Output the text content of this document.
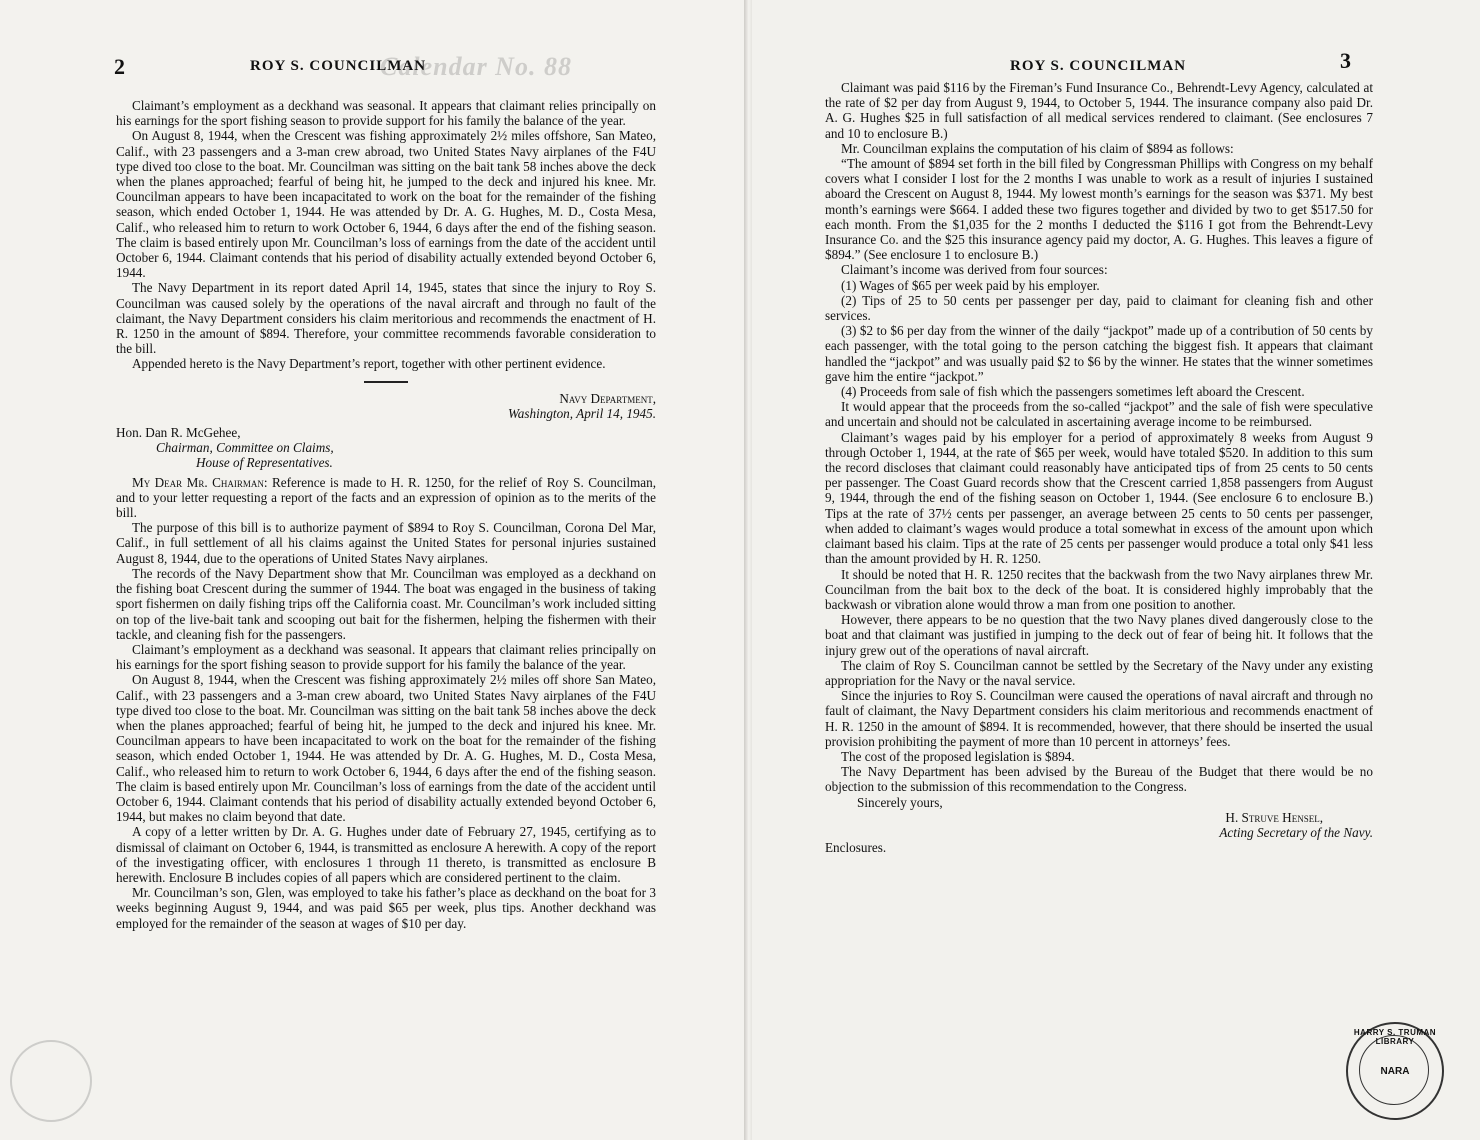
2	ROY S. COUNCILMAN
Calendar No. 88

Claimant’s employment as a deckhand was seasonal. It appears that claimant relies principally on his earnings for the sport fishing season to provide support for his family the balance of the year.

On August 8, 1944, when the Crescent was fishing approximately 2½ miles offshore, San Mateo, Calif., with 23 passengers and a 3-man crew abroad, two United States Navy airplanes of the F4U type dived too close to the boat. Mr. Councilman was sitting on the bait tank 58 inches above the deck when the planes approached; fearful of being hit, he jumped to the deck and injured his knee. Mr. Councilman appears to have been incapacitated to work on the boat for the remainder of the fishing season, which ended October 1, 1944. He was attended by Dr. A. G. Hughes, M. D., Costa Mesa, Calif., who released him to return to work October 6, 1944, 6 days after the end of the fishing season. The claim is based entirely upon Mr. Councilman’s loss of earnings from the date of the accident until October 6, 1944. Claimant contends that his period of disability actually extended beyond October 6, 1944.

The Navy Department in its report dated April 14, 1945, states that since the injury to Roy S. Councilman was caused solely by the operations of the naval aircraft and through no fault of the claimant, the Navy Department considers his claim meritorious and recommends the enactment of H. R. 1250 in the amount of $894. Therefore, your committee recommends favorable consideration to the bill.

Appended hereto is the Navy Department’s report, together with other pertinent evidence.

Navy Department,

Washington, April 14, 1945.

Hon. Dan R. McGehee,

Chairman, Committee on Claims,

House of Representatives.

My Dear Mr. Chairman: Reference is made to H. R. 1250, for the relief of Roy S. Councilman, and to your letter requesting a report of the facts and an expression of opinion as to the merits of the bill.

The purpose of this bill is to authorize payment of $894 to Roy S. Councilman, Corona Del Mar, Calif., in full settlement of all his claims against the United States for personal injuries sustained August 8, 1944, due to the operations of United States Navy airplanes.

The records of the Navy Department show that Mr. Councilman was employed as a deckhand on the fishing boat Crescent during the summer of 1944. The boat was engaged in the business of taking sport fishermen on daily fishing trips off the California coast. Mr. Councilman’s work included sitting on top of the live-bait tank and scooping out bait for the fishermen, helping the fishermen with their tackle, and cleaning fish for the passengers.

Claimant’s employment as a deckhand was seasonal. It appears that claimant relies principally on his earnings for the sport fishing season to provide support for his family the balance of the year.

On August 8, 1944, when the Crescent was fishing approximately 2½ miles off shore San Mateo, Calif., with 23 passengers and a 3-man crew aboard, two United States Navy airplanes of the F4U type dived too close to the boat. Mr. Councilman was sitting on the bait tank 58 inches above the deck when the planes approached; fearful of being hit, he jumped to the deck and injured his knee. Mr. Councilman appears to have been incapacitated to work on the boat for the remainder of the fishing season, which ended October 1, 1944. He was attended by Dr. A. G. Hughes, M. D., Costa Mesa, Calif., who released him to return to work October 6, 1944, 6 days after the end of the fishing season. The claim is based entirely upon Mr. Councilman’s loss of earnings from the date of the accident until October 6, 1944. Claimant contends that his period of disability actually extended beyond October 6, 1944, but makes no claim beyond that date.

A copy of a letter written by Dr. A. G. Hughes under date of February 27, 1945, certifying as to dismissal of claimant on October 6, 1944, is transmitted as enclosure A herewith. A copy of the report of the investigating officer, with enclosures 1 through 11 thereto, is transmitted as enclosure B herewith. Enclosure B includes copies of all papers which are considered pertinent to the claim.

Mr. Councilman’s son, Glen, was employed to take his father’s place as deckhand on the boat for 3 weeks beginning August 9, 1944, and was paid $65 per week, plus tips. Another deckhand was employed for the remainder of the season at wages of $10 per day.

ROY S. COUNCILMAN	3

Claimant was paid $116 by the Fireman’s Fund Insurance Co., Behrendt-Levy Agency, calculated at the rate of $2 per day from August 9, 1944, to October 5, 1944. The insurance company also paid Dr. A. G. Hughes $25 in full satisfaction of all medical services rendered to claimant. (See enclosures 7 and 10 to enclosure B.)

Mr. Councilman explains the computation of his claim of $894 as follows:

“The amount of $894 set forth in the bill filed by Congressman Phillips with Congress on my behalf covers what I consider I lost for the 2 months I was unable to work as a result of injuries I sustained aboard the Crescent on August 8, 1944. My lowest month’s earnings for the season was $371. My best month’s earnings were $664. I added these two figures together and divided by two to get $517.50 for each month. From the $1,035 for the 2 months I deducted the $116 I got from the Behrendt-Levy Insurance Co. and the $25 this insurance agency paid my doctor, A. G. Hughes. This leaves a figure of $894.” (See enclosure 1 to enclosure B.)

Claimant’s income was derived from four sources:

(1) Wages of $65 per week paid by his employer.

(2) Tips of 25 to 50 cents per passenger per day, paid to claimant for cleaning fish and other services.

(3) $2 to $6 per day from the winner of the daily “jackpot” made up of a contribution of 50 cents by each passenger, with the total going to the person catching the biggest fish. It appears that claimant handled the “jackpot” and was usually paid $2 to $6 by the winner. He states that the winner sometimes gave him the entire “jackpot.”

(4) Proceeds from sale of fish which the passengers sometimes left aboard the Crescent.

It would appear that the proceeds from the so-called “jackpot” and the sale of fish were speculative and uncertain and should not be calculated in ascertaining average income to be reimbursed.

Claimant’s wages paid by his employer for a period of approximately 8 weeks from August 9 through October 1, 1944, at the rate of $65 per week, would have totaled $520. In addition to this sum the record discloses that claimant could reasonably have anticipated tips of from 25 cents to 50 cents per passenger. The Coast Guard records show that the Crescent carried 1,858 passengers from August 9, 1944, through the end of the fishing season on October 1, 1944. (See enclosure 6 to enclosure B.) Tips at the rate of 37½ cents per passenger, an average between 25 cents to 50 cents per passenger, when added to claimant’s wages would produce a total somewhat in excess of the amount upon which claimant based his claim. Tips at the rate of 25 cents per passenger would produce a total only $41 less than the amount provided by H. R. 1250.

It should be noted that H. R. 1250 recites that the backwash from the two Navy airplanes threw Mr. Councilman from the bait box to the deck of the boat. It is considered highly improbably that the backwash or vibration alone would throw a man from one position to another.

However, there appears to be no question that the two Navy planes dived dangerously close to the boat and that claimant was justified in jumping to the deck out of fear of being hit. It follows that the injury grew out of the operations of naval aircraft.

The claim of Roy S. Councilman cannot be settled by the Secretary of the Navy under any existing appropriation for the Navy or the naval service.

Since the injuries to Roy S. Councilman were caused the operations of naval aircraft and through no fault of claimant, the Navy Department considers his claim meritorious and recommends enactment of H. R. 1250 in the amount of $894. It is recommended, however, that there should be inserted the usual provision prohibiting the payment of more than 10 percent in attorneys’ fees.

The cost of the proposed legislation is $894.

The Navy Department has been advised by the Bureau of the Budget that there would be no objection to the submission of this recommendation to the Congress.

Sincerely yours,

H. Struve Hensel,

Acting Secretary of the Navy.

Enclosures.

HARRY S. TRUMAN LIBRARY
NARA
